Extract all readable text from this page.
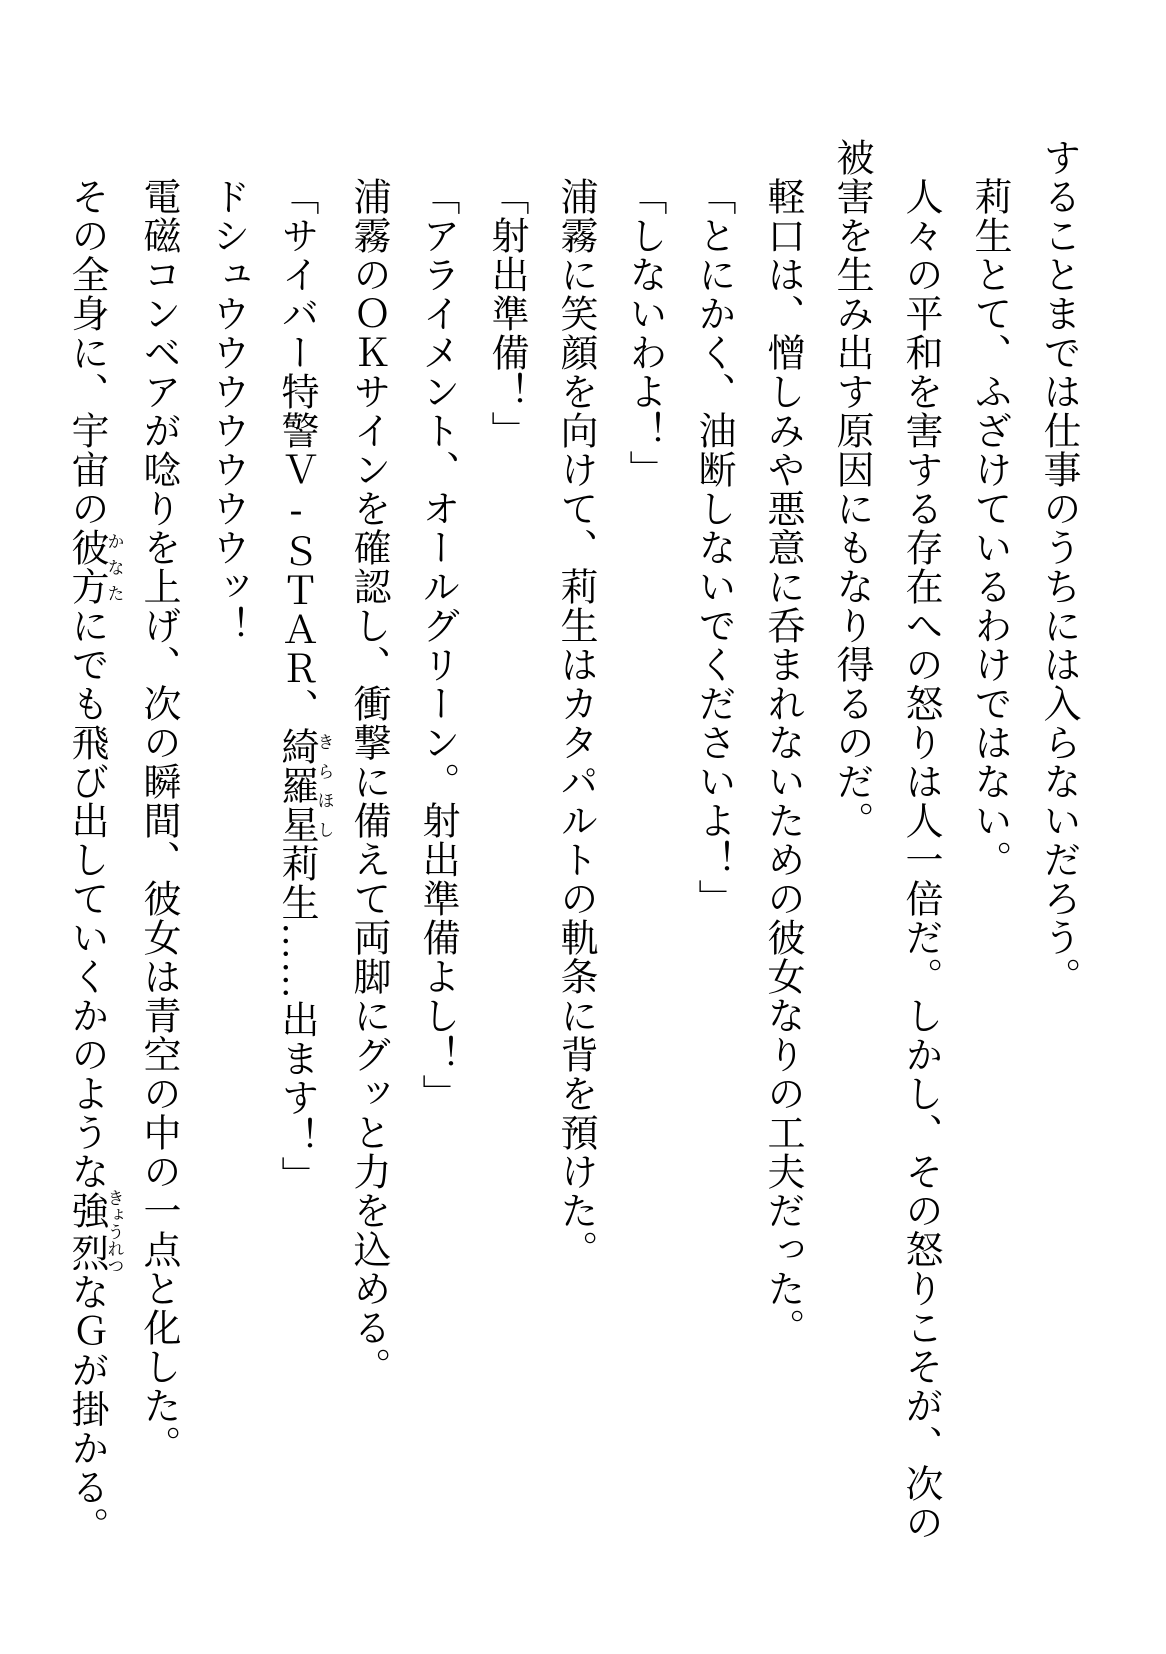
することまでは仕事のうちには入らないだろう。

莉生とて、ふざけているわけではない。

人々の平和を害する存在への怒りは人一倍だ。しかし、その怒りこそが、次の被害を生み出す原因にもなり得るのだ。

軽口は、憎しみや悪意に呑まれないための彼女なりの工夫だった。

「とにかく、油断しないでくださいよ！」

「しないわよ！」

浦霧に笑顔を向けて、莉生はカタパルトの軌条に背を預けた。

「射出準備！」

「アライメント、オールグリーン。射出準備よし！」

浦霧のＯＫサインを確認し、衝撃に備えて両脚にグッと力を込める。

「サイバー特警Ｖ‐ＳＴＡＲ、綺羅星きらほし莉生……出ます！」

ドシュウウウウウウウッ！

電磁コンベアが唸りを上げ、次の瞬間、彼女は青空の中の一点と化した。

その全身に、宇宙の彼方かなたにでも飛び出していくかのような強烈きょうれつなＧが掛かる。
